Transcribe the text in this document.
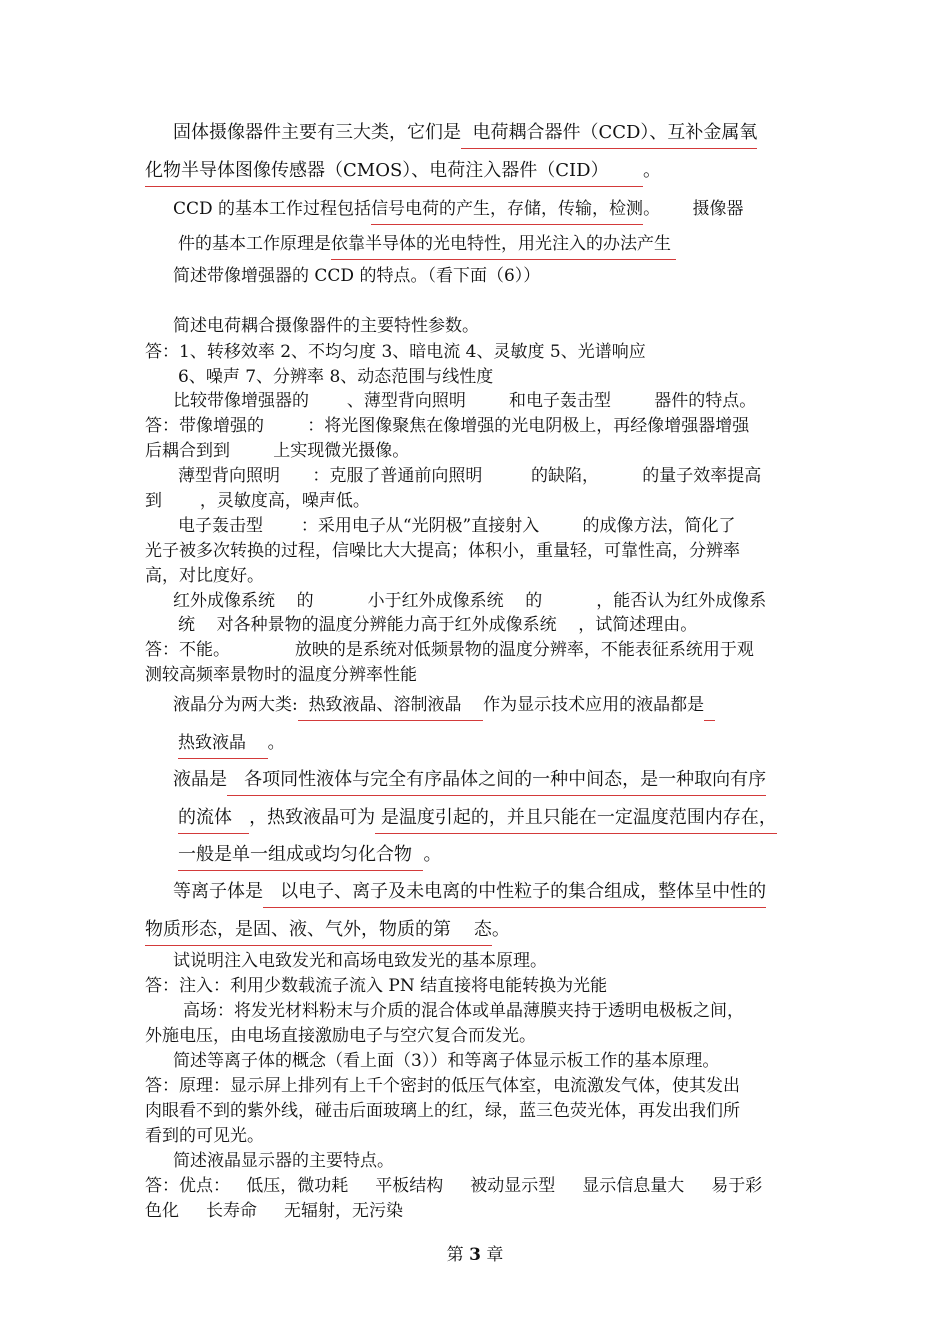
固体摄像器件主要有三大类，它们是 电荷耦合器件（CCD）、互补金属氧
化物半导体图像传感器（CMOS）、电荷注入器件（CID） 。
CCD 的基本工作过程包括信号电荷的产生，存储，传输，检测。      摄像器
件的基本工作原理是依靠半导体的光电特性，用光注入的办法产生
简述带像增强器的 CCD 的特点。（看下面（6））
简述电荷耦合摄像器件的主要特性参数。
答：1、转移效率 2、不均匀度 3、暗电流 4、灵敏度 5、光谱响应
6、噪声 7、分辨率 8、动态范围与线性度
比较带像增强器的       、薄型背向照明        和电子轰击型        器件的特点。
答：带像增强的        ：将光图像聚焦在像增强的光电阴极上，再经像增强器增强
后耦合到到        上实现微光摄像。
薄型背向照明      ：克服了普通前向照明         的缺陷，        的量子效率提高
到       ，灵敏度高，噪声低。
电子轰击型       ：采用电子从“光阴极”直接射入        的成像方法，简化了
光子被多次转换的过程，信噪比大大提高；体积小，重量轻，可靠性高，分辨率
高，对比度好。
红外成像系统    的          小于红外成像系统    的          ，能否认为红外成像系
统    对各种景物的温度分辨能力高于红外成像系统    ，试简述理由。
答：不能。            放映的是系统对低频景物的温度分辨率，不能表征系统用于观
测较高频率景物时的温度分辨率性能
液晶分为两大类: 热致液晶、溶制液晶 作为显示技术应用的液晶都是
热致液晶 。
液晶是 各项同性液体与完全有序晶体之间的一种中间态，是一种取向有序
的流体 ，热致液晶可为 是温度引起的，并且只能在一定温度范围内存在，
一般是单一组成或均匀化合物 。
等离子体是 以电子、离子及未电离的中性粒子的集合组成，整体呈中性的
物质形态，是固、液、气外，物质的第    态。
试说明注入电致发光和高场电致发光的基本原理。
答：注入：利用少数载流子流入 PN 结直接将电能转换为光能
高场：将发光材料粉末与介质的混合体或单晶薄膜夹持于透明电极板之间，
外施电压，由电场直接激励电子与空穴复合而发光。
简述等离子体的概念（看上面（3））和等离子体显示板工作的基本原理。
答：原理：显示屏上排列有上千个密封的低压气体室，电流激发气体，使其发出
肉眼看不到的紫外线，碰击后面玻璃上的红，绿，蓝三色荧光体，再发出我们所
看到的可见光。
简述液晶显示器的主要特点。
答：优点：   低压，微功耗     平板结构     被动显示型     显示信息量大     易于彩
色化     长寿命     无辐射，无污染
第 3 章
